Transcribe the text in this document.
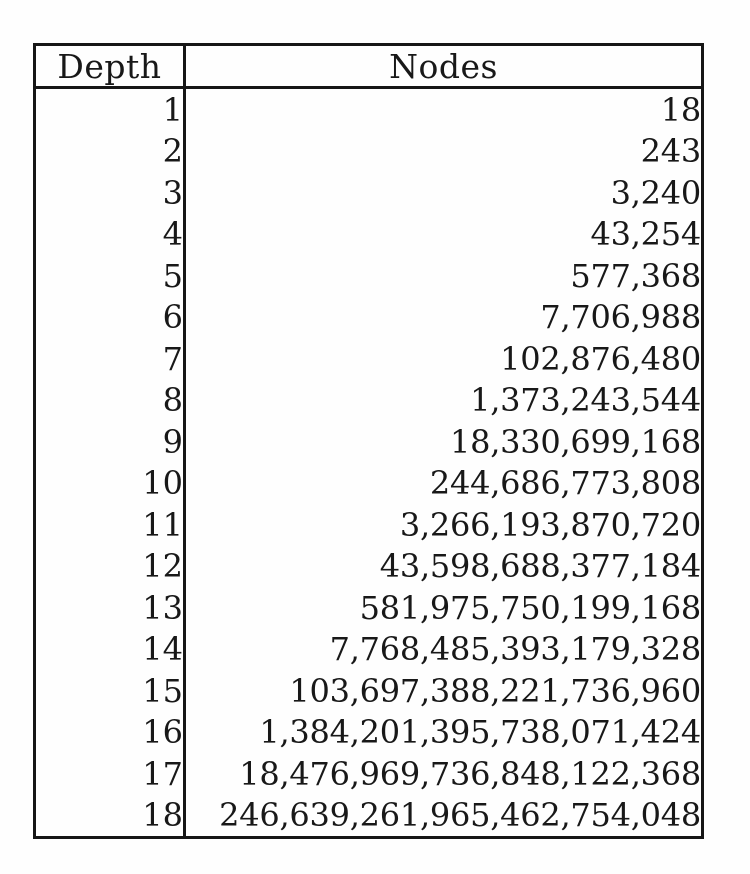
Depth	Nodes
1	18
2	243
3	3,240
4	43,254
5	577,368
6	7,706,988
7	102,876,480
8	1,373,243,544
9	18,330,699,168
10	244,686,773,808
11	3,266,193,870,720
12	43,598,688,377,184
13	581,975,750,199,168
14	7,768,485,393,179,328
15	103,697,388,221,736,960
16	1,384,201,395,738,071,424
17	18,476,969,736,848,122,368
18	246,639,261,965,462,754,048
